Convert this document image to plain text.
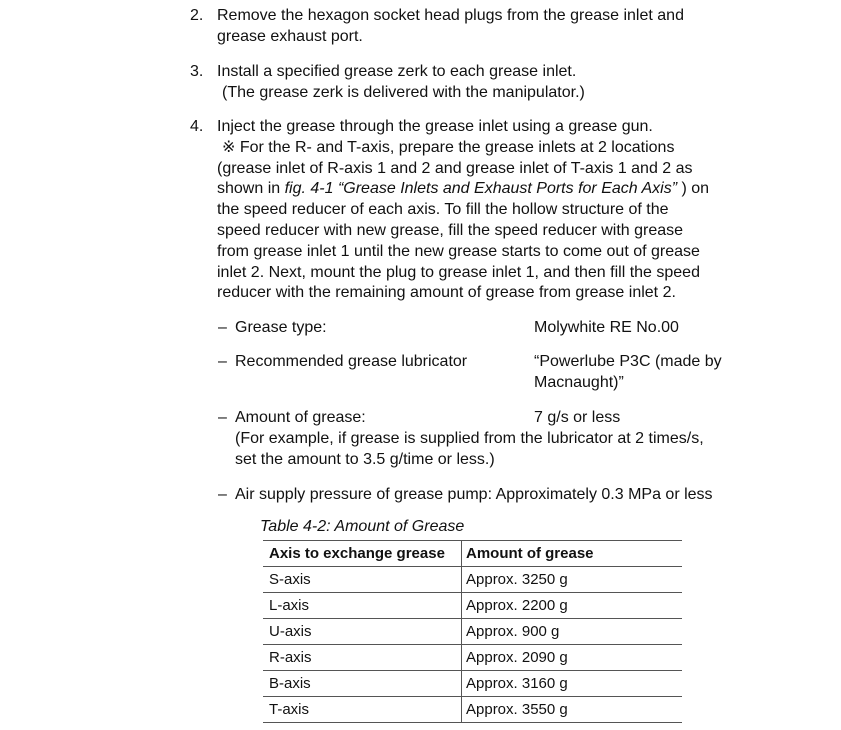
2. Remove the hexagon socket head plugs from the grease inlet and
grease exhaust port.
3. Install a specified grease zerk to each grease inlet.
(The grease zerk is delivered with the manipulator.)
4. Inject the grease through the grease inlet using a grease gun.
※ For the R- and T-axis, prepare the grease inlets at 2 locations
(grease inlet of R-axis 1 and 2 and grease inlet of T-axis 1 and 2 as
shown in fig. 4-1 “Grease Inlets and Exhaust Ports for Each Axis” ) on
the speed reducer of each axis. To fill the hollow structure of the
speed reducer with new grease, fill the speed reducer with grease
from grease inlet 1 until the new grease starts to come out of grease
inlet 2. Next, mount the plug to grease inlet 1, and then fill the speed
reducer with the remaining amount of grease from grease inlet 2.
– Grease type:	Molywhite RE No.00
– Recommended grease lubricator	“Powerlube P3C (made by
Macnaught)”
– Amount of grease:	7 g/s or less
(For example, if grease is supplied from the lubricator at 2 times/s,
set the amount to 3.5 g/time or less.)
– Air supply pressure of grease pump: Approximately 0.3 MPa or less
Table 4-2: Amount of Grease
Axis to exchange grease	Amount of grease
S-axis	Approx. 3250 g
L-axis	Approx. 2200 g
U-axis	Approx. 900 g
R-axis	Approx. 2090 g
B-axis	Approx. 3160 g
T-axis	Approx. 3550 g
